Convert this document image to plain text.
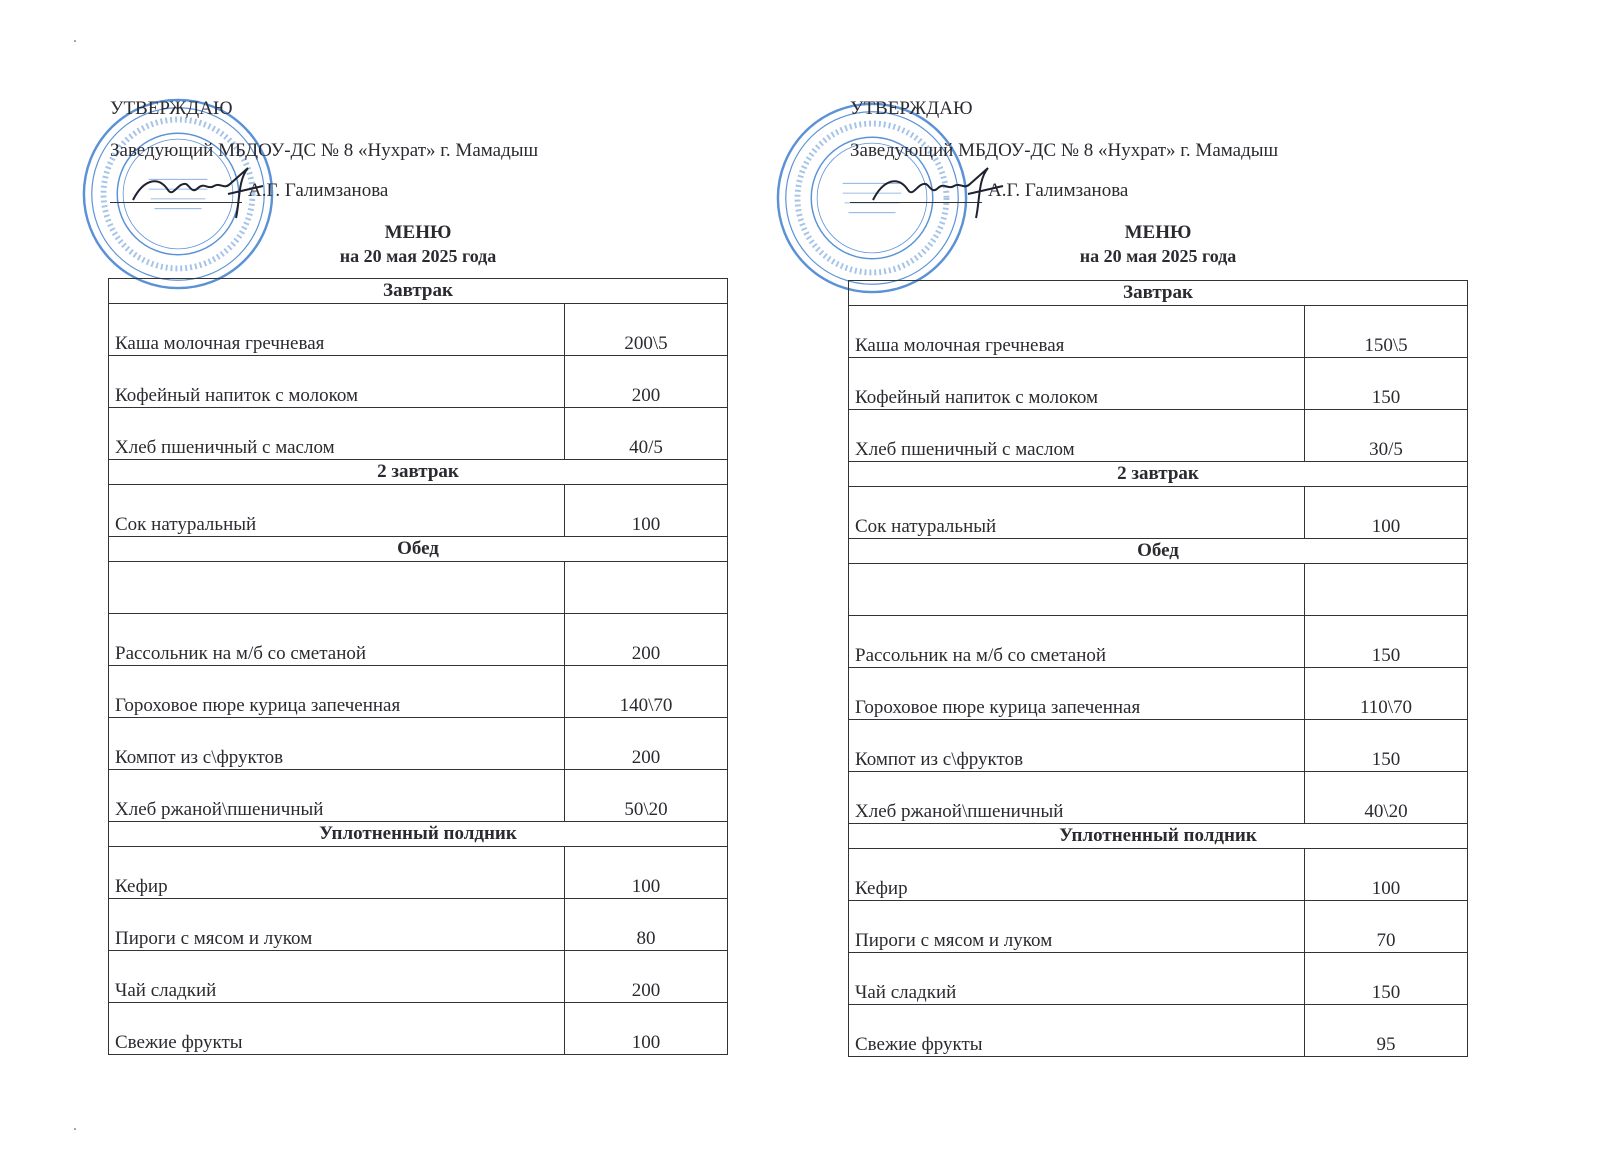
УТВЕРЖДАЮ
Заведующий МБДОУ-ДС № 8 «Нухрат» г. Мамадыш
А.Г. Галимзанова
МЕНЮ
на 20 мая 2025 года
Завтрак	
Каша молочная гречневая	200\5
Кофейный напиток с молоком	200
Хлеб пшеничный с маслом	40/5
2 завтрак	
Сок натуральный	100
Обед	

Рассольник на м/б со сметаной	200
Гороховое пюре курица запеченная	140\70
Компот из с\фруктов	200
Хлеб ржаной\пшеничный	50\20
Уплотненный полдник	
Кефир	100
Пироги с мясом и луком	80
Чай сладкий	200
Свежие фрукты	100
УТВЕРЖДАЮ
Заведующий МБДОУ-ДС № 8 «Нухрат» г. Мамадыш
А.Г. Галимзанова
МЕНЮ
на 20 мая 2025 года
Завтрак	
Каша молочная гречневая	150\5
Кофейный напиток с молоком	150
Хлеб пшеничный с маслом	30/5
2 завтрак	
Сок натуральный	100
Обед	

Рассольник на м/б со сметаной	150
Гороховое пюре курица запеченная	110\70
Компот из с\фруктов	150
Хлеб ржаной\пшеничный	40\20
Уплотненный полдник	
Кефир	100
Пироги с мясом и луком	70
Чай сладкий	150
Свежие фрукты	95
